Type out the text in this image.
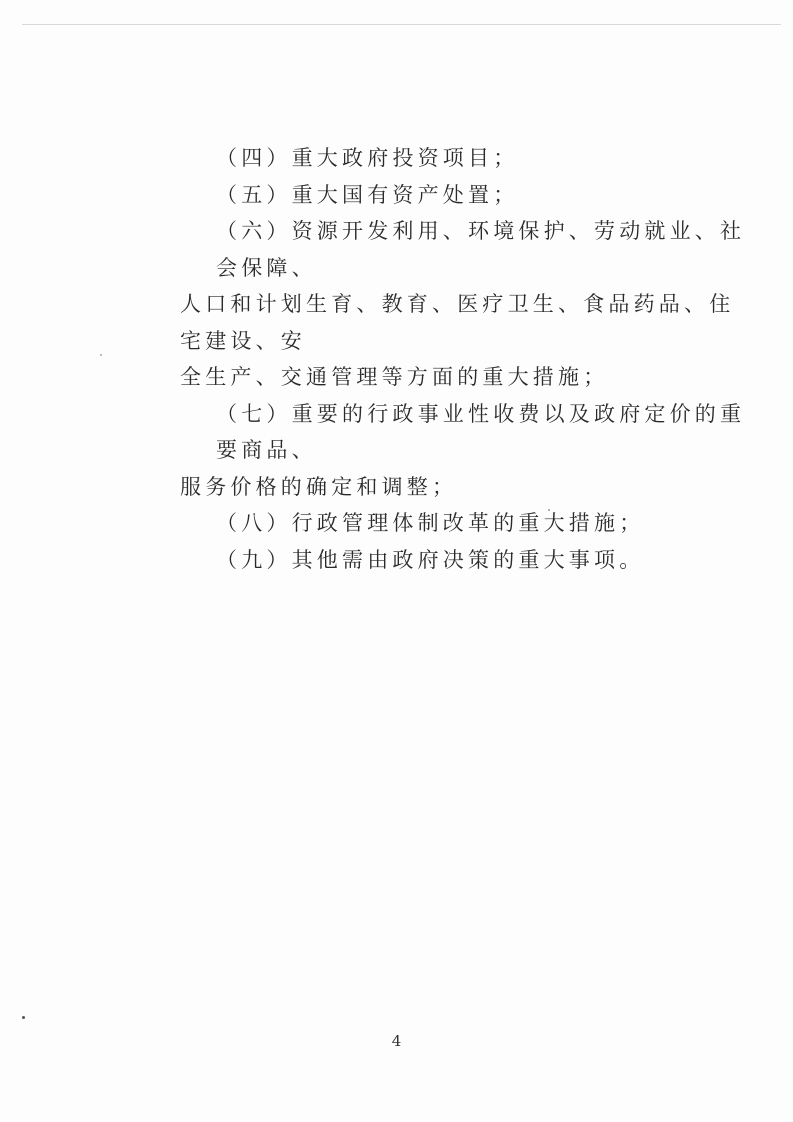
（四）重大政府投资项目；

（五）重大国有资产处置；

（六）资源开发利用、环境保护、劳动就业、社会保障、

人口和计划生育、教育、医疗卫生、食品药品、住宅建设、安

全生产、交通管理等方面的重大措施；

（七）重要的行政事业性收费以及政府定价的重要商品、

服务价格的确定和调整；

（八）行政管理体制改革的重大措施；

（九）其他需由政府决策的重大事项。

4
